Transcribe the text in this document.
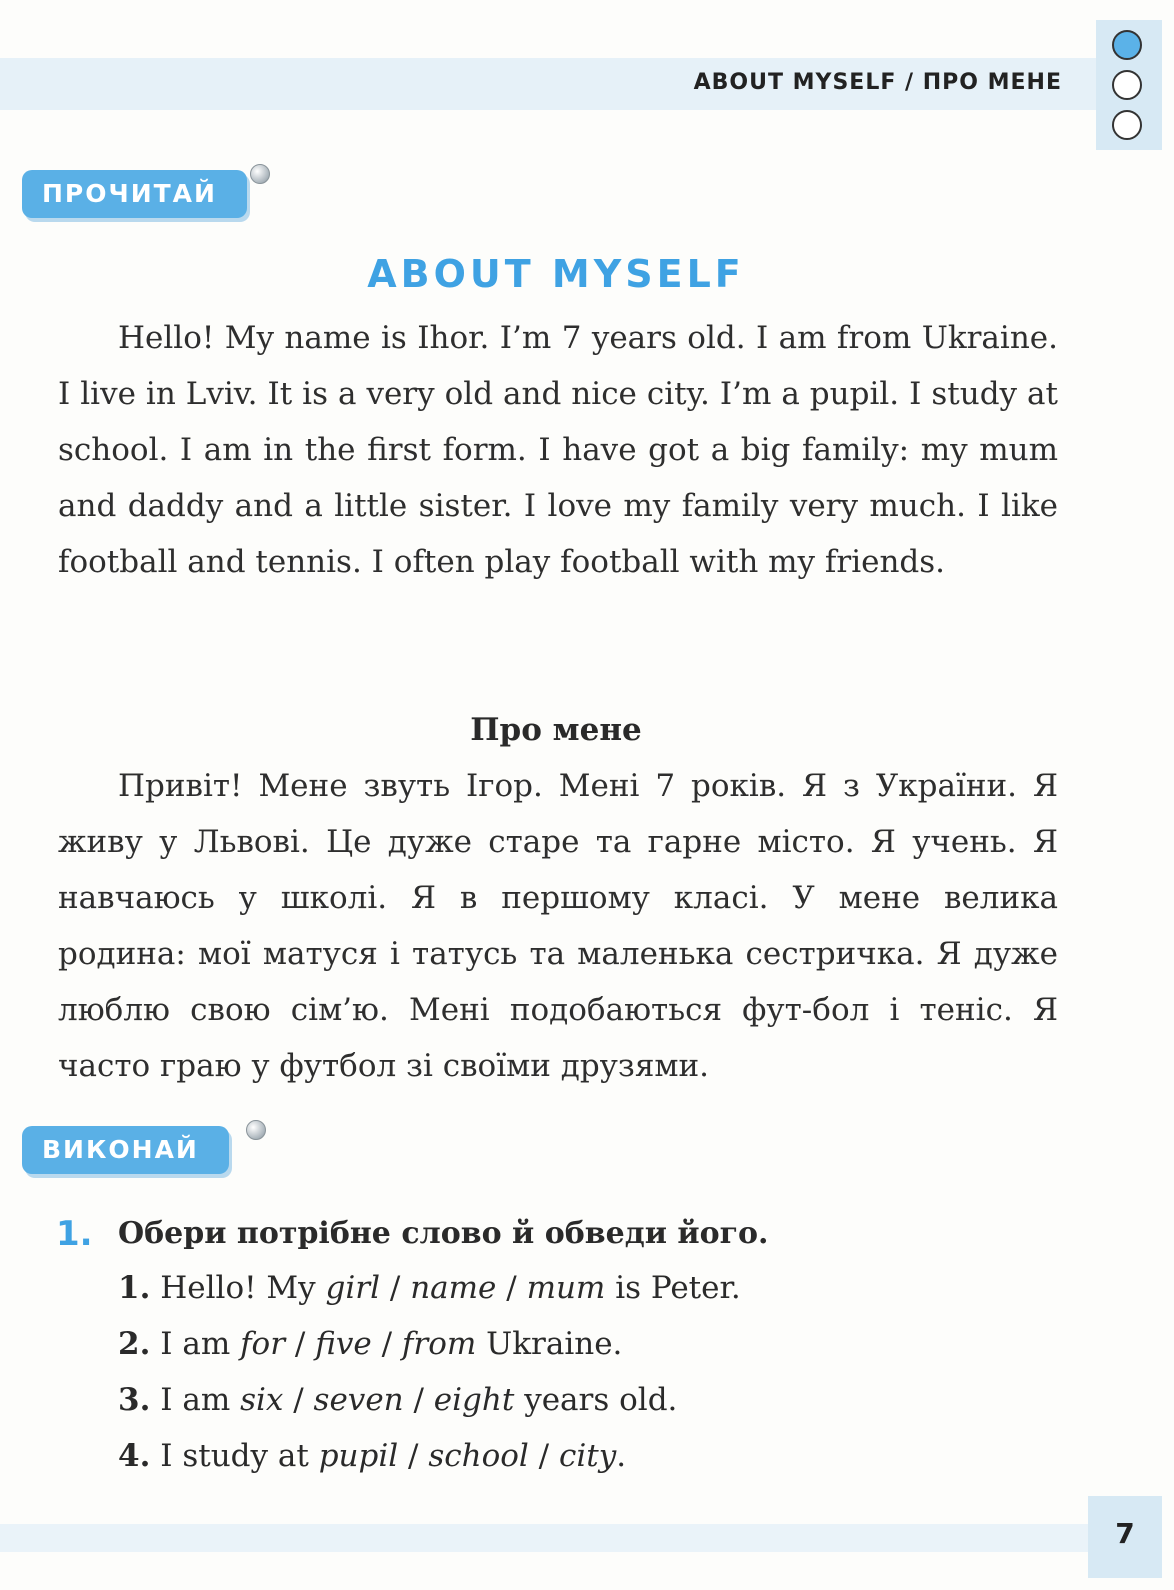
ABOUT MYSELF / ПРО МЕНЕ
ПРОЧИТАЙ
ABOUT MYSELF

Hello! My name is Ihor. I’m 7 years old. I am from Ukraine. I live in Lviv. It is a very old and nice city. I’m a pupil. I study at school. I am in the first form. I have got a big family: my mum and daddy and a little sister. I love my family very much. I like football and tennis. I often play football with my friends.

Про мене

Привіт! Мене звуть Ігор. Мені 7 років. Я з України. Я живу у Львові. Це дуже старе та гарне місто. Я учень. Я навчаюсь у школі. Я в першому класі. У мене велика родина: мої матуся і татусь та маленька сестричка. Я дуже люблю свою сім’ю. Мені подобаються фут-бол і теніс. Я часто граю у футбол зі своїми друзями.

ВИКОНАЙ
1. Обери потрібне слово й обведи його.
1. Hello! My girl / name / mum is Peter.
2. I am for / five / from Ukraine.
3. I am six / seven / eight years old.
4. I study at pupil / school / city.
7
